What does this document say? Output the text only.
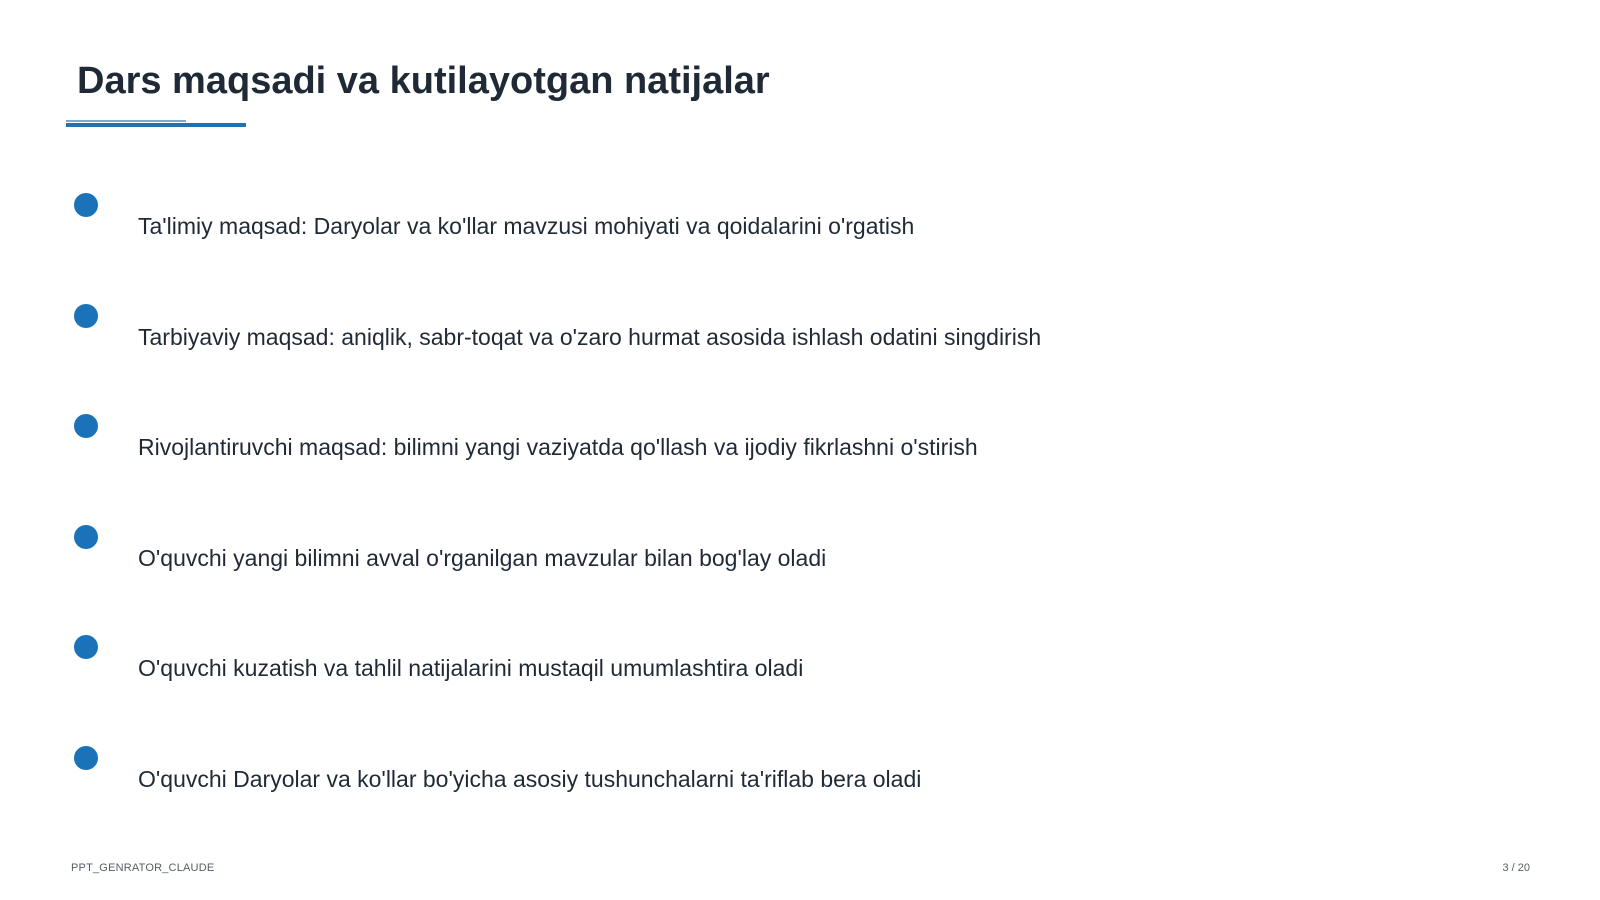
Dars maqsadi va kutilayotgan natijalar
Ta'limiy maqsad: Daryolar va ko'llar mavzusi mohiyati va qoidalarini o'rgatish
Tarbiyaviy maqsad: aniqlik, sabr-toqat va o'zaro hurmat asosida ishlash odatini singdirish
Rivojlantiruvchi maqsad: bilimni yangi vaziyatda qo'llash va ijodiy fikrlashni o'stirish
O'quvchi yangi bilimni avval o'rganilgan mavzular bilan bog'lay oladi
O'quvchi kuzatish va tahlil natijalarini mustaqil umumlashtira oladi
O'quvchi Daryolar va ko'llar bo'yicha asosiy tushunchalarni ta'riflab bera oladi
PPT_GENRATOR_CLAUDE	3 / 20
